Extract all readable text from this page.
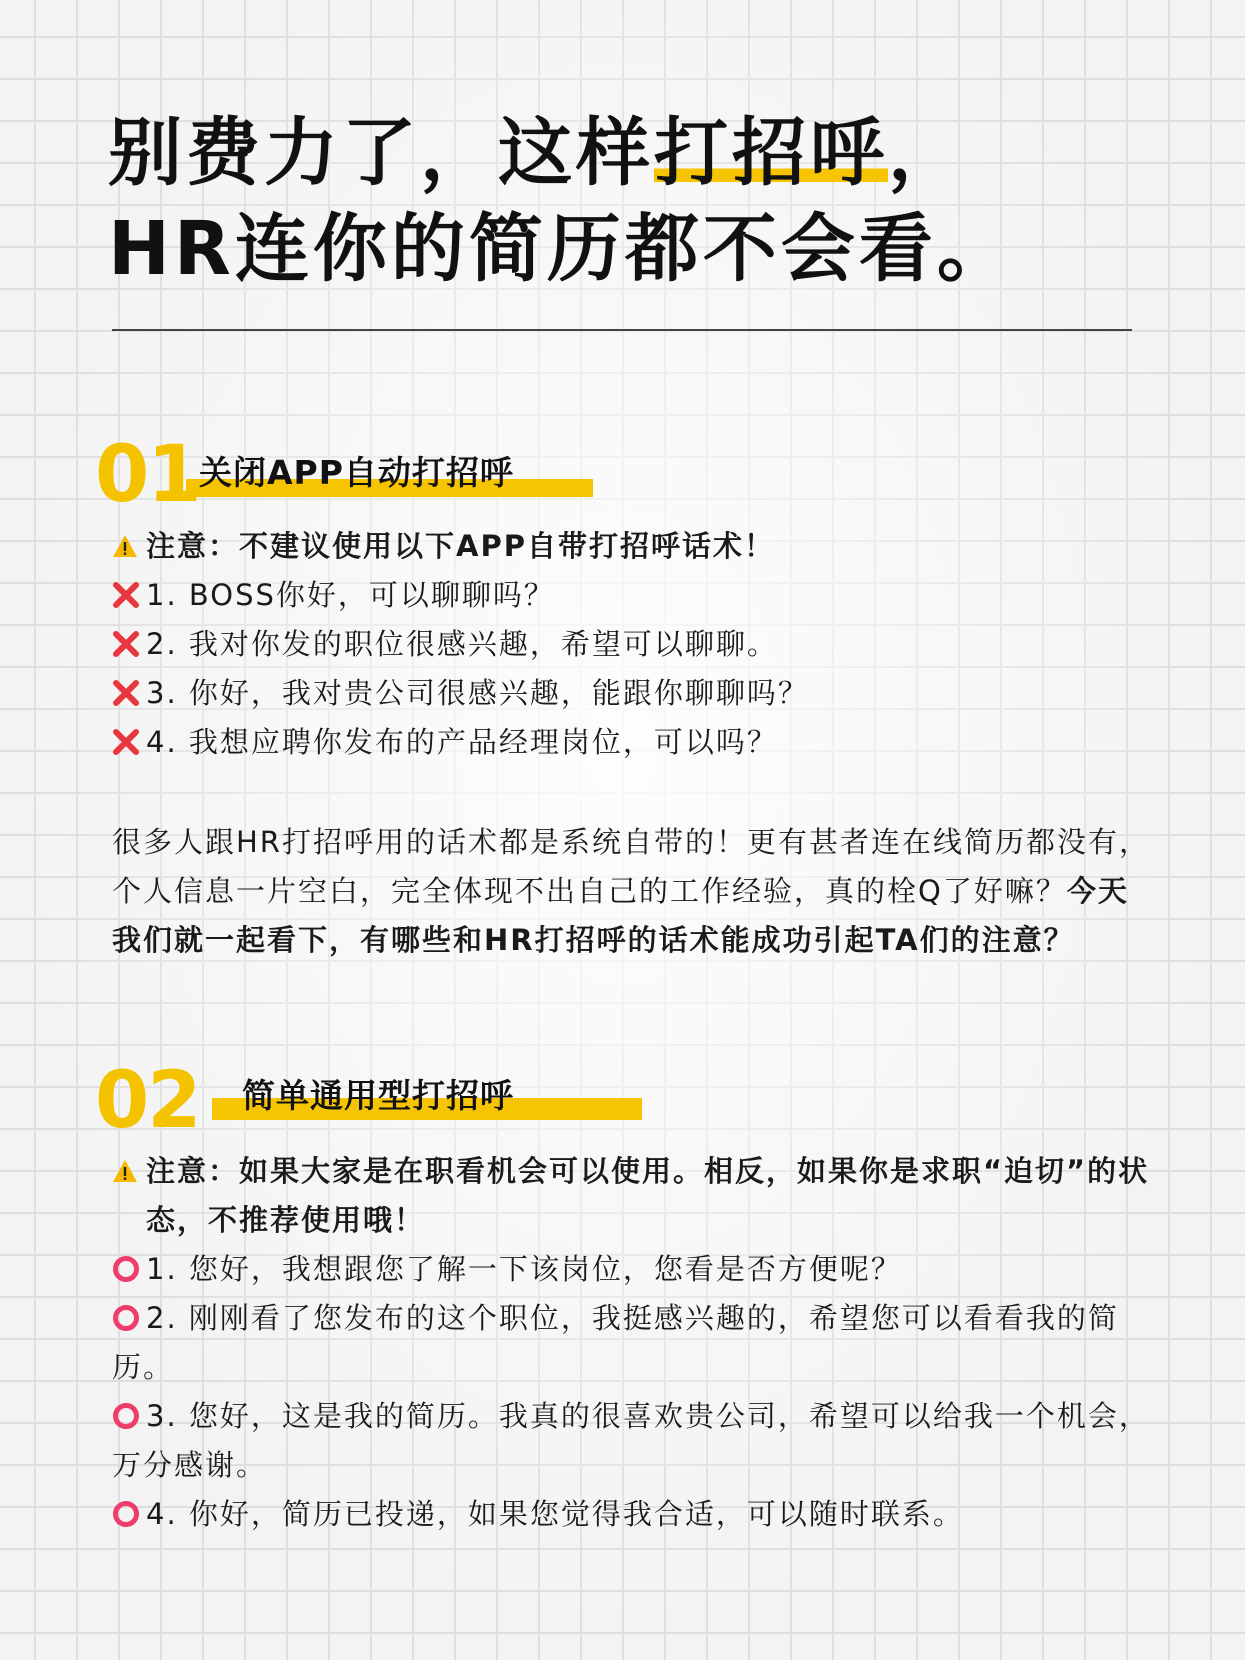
别费力了，这样打招呼，
HR连你的简历都不会看。
01 关闭APP自动打招呼
注意：不建议使用以下APP自带打招呼话术！
1. BOSS你好，可以聊聊吗？
2. 我对你发的职位很感兴趣，希望可以聊聊。
3. 你好，我对贵公司很感兴趣，能跟你聊聊吗？
4. 我想应聘你发布的产品经理岗位，可以吗？
很多人跟HR打招呼用的话术都是系统自带的！更有甚者连在线简历都没有，个人信息一片空白，完全体现不出自己的工作经验，真的栓Q了好嘛？今天我们就一起看下，有哪些和HR打招呼的话术能成功引起TA们的注意？
02 简单通用型打招呼
注意：如果大家是在职看机会可以使用。相反，如果你是求职“迫切”的状态，不推荐使用哦！
1. 您好，我想跟您了解一下该岗位，您看是否方便呢？
2. 刚刚看了您发布的这个职位，我挺感兴趣的，希望您可以看看我的简历。
3. 您好，这是我的简历。我真的很喜欢贵公司，希望可以给我一个机会，万分感谢。
4. 你好，简历已投递，如果您觉得我合适，可以随时联系。
